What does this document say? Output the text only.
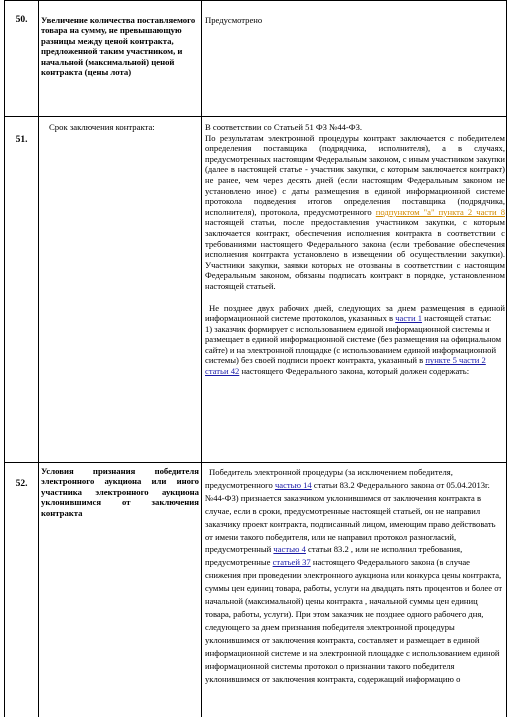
50.	Увеличение количества поставляемого товара на сумму, не превышающую разницы между ценой контракта, предложенной таким участником, и начальной (максимальной) ценой контракта (цены лота)
Предусмотрено
51.
Срок заключения контракта:	В соответствии со Статьей 51 ФЗ №44-ФЗ.

По результатам электронной процедуры контракт заключается с победителем определения поставщика (подрядчика, исполнителя), а в случаях, предусмотренных настоящим Федеральным законом, с иным участником закупки (далее в настоящей статье - участник закупки, с которым заключается контракт) не ранее, чем через десять дней (если настоящим Федеральным законом не установлено иное) с даты размещения в единой информационной системе протокола подведения итогов определения поставщика (подрядчика, исполнителя), протокола, предусмотренного подпунктом "а" пункта 2 части 8 настоящей статьи, после предоставления участником закупки, с которым заключается контракт, обеспечения исполнения контракта в соответствии с требованиями настоящего Федерального закона (если требование обеспечения исполнения контракта установлено в извещении об осуществлении закупки). Участники закупки, заявки которых не отозваны в соответствии с настоящим Федеральным законом, обязаны подписать контракт в порядке, установленном настоящей статьей.

Не позднее двух рабочих дней, следующих за днем размещения в единой информационной системе протоколов, указанных в части 1 настоящей статьи:

1) заказчик формирует с использованием единой информационной системы и размещает в единой информационной системе (без размещения на официальном сайте) и на электронной площадке (с использованием единой информационной системы) без своей подписи проект контракта, указанный в пункте 5 части 2 статьи 42 настоящего Федерального закона, который должен содержать:

52.
Условия признания победителя электронного аукциона или иного участника электронного аукциона уклонившимся от заключения контракта

Победитель электронной процедуры (за исключением победителя, предусмотренного частью 14 статьи 83.2 Федерального закона от 05.04.2013г. №44-ФЗ) признается заказчиком уклонившимся от заключения контракта в случае, если в сроки, предусмотренные настоящей статьей, он не направил заказчику проект контракта, подписанный лицом, имеющим право действовать от имени такого победителя, или не направил протокол разногласий, предусмотренный частью 4 статьи 83.2 , или не исполнил требования, предусмотренные статьей 37 настоящего Федерального закона (в случае снижения при проведении электронного аукциона или конкурса цены контракта, суммы цен единиц товара, работы, услуги на двадцать пять процентов и более от начальной (максимальной) цены контракта , начальной суммы цен единиц товара, работы, услуги). При этом заказчик не позднее одного рабочего дня, следующего за днем признания победителя электронной процедуры уклонившимся от заключения контракта, составляет и размещает в единой информационной системе и на электронной площадке с использованием единой информационной системы протокол о признании такого победителя уклонившимся от заключения контракта, содержащий информацию о
